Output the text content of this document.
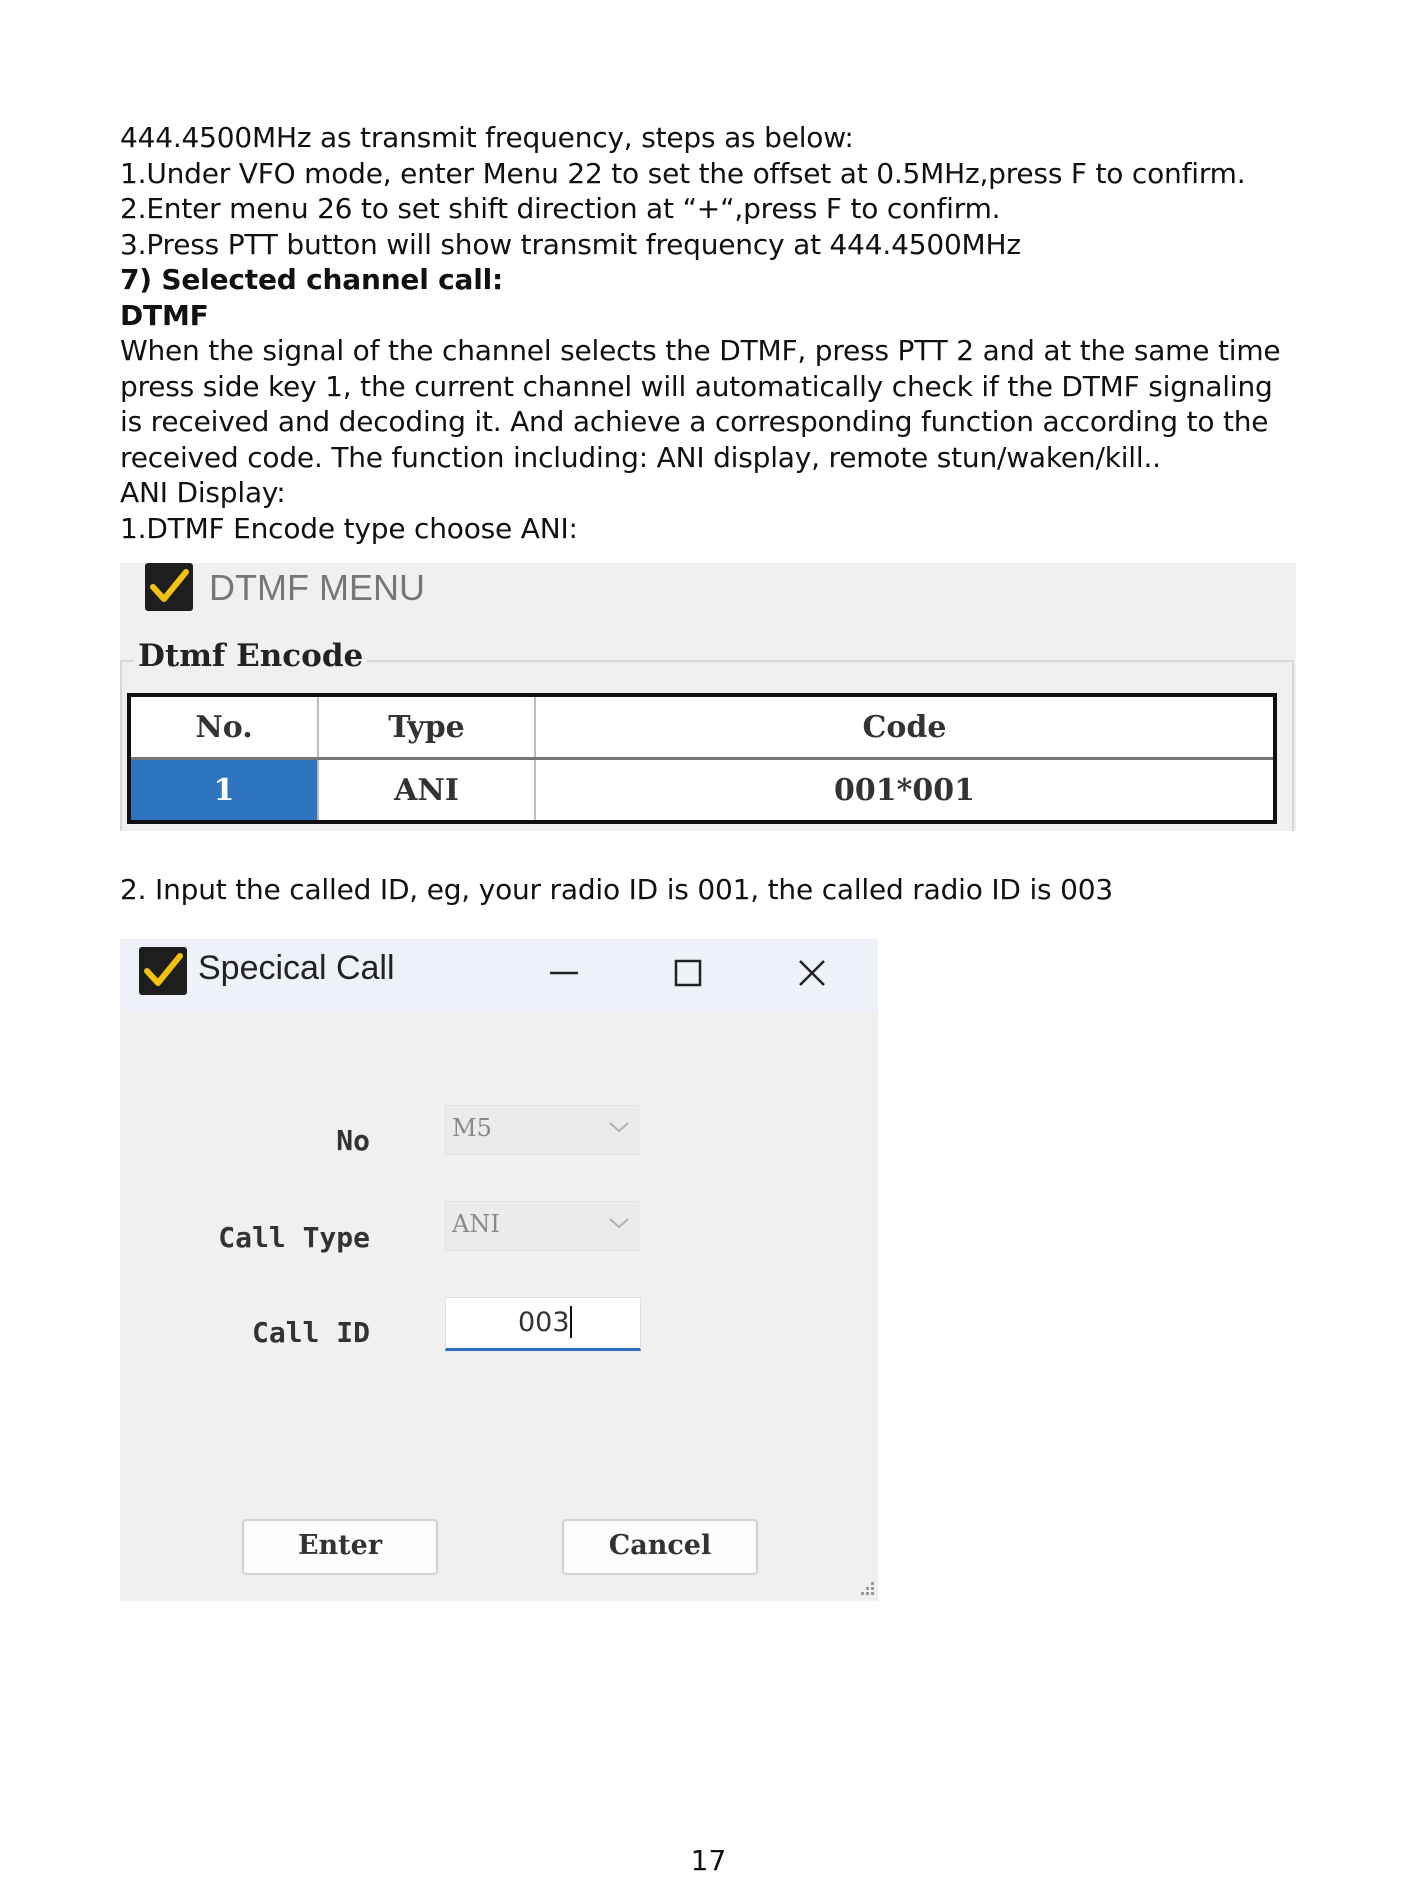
444.4500MHz as transmit frequency, steps as below:
1.Under VFO mode, enter Menu 22 to set the offset at 0.5MHz,press F to confirm.
2.Enter menu 26 to set shift direction at “+“,press F to confirm.
3.Press PTT button will show transmit frequency at 444.4500MHz
7) Selected channel call:
DTMF
When the signal of the channel selects the DTMF, press PTT 2 and at the same time press side key 1, the current channel will automatically check if the DTMF signaling is received and decoding it. And achieve a corresponding function according to the received code. The function including: ANI display, remote stun/waken/kill..
ANI Display:
1.DTMF Encode type choose ANI:
DTMF MENU
Dtmf Encode
No.	Type	Code
1	ANI	001*001
2. Input the called ID, eg, your radio ID is 001, the called radio ID is 003
Specical Call
No	M5
Call Type	ANI
Call ID	003
Enter	Cancel
17
